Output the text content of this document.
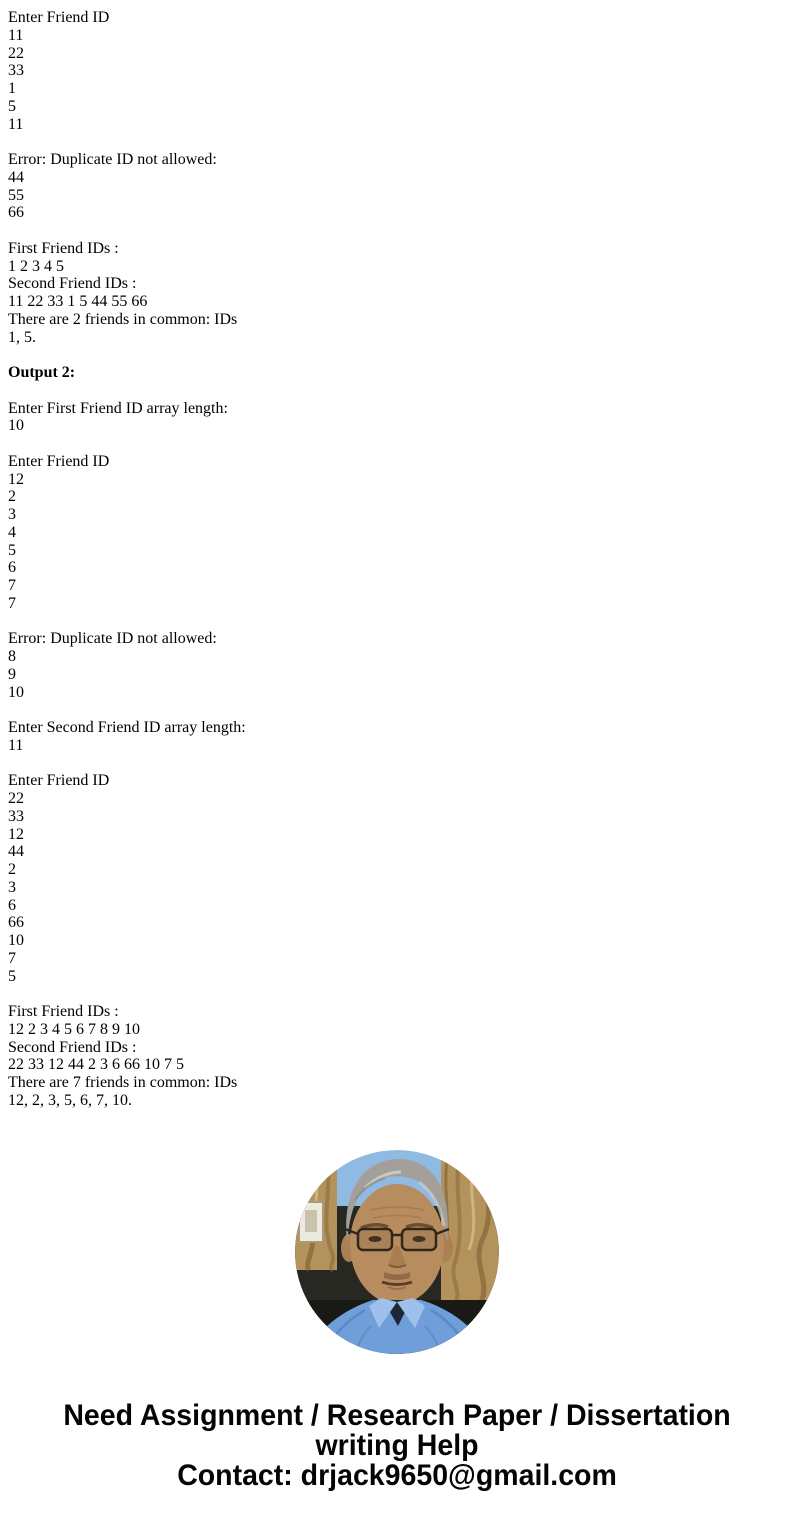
Enter Friend ID
11
22
33
1
5
11

Error: Duplicate ID not allowed:
44
55
66

First Friend IDs :
1 2 3 4 5
Second Friend IDs :
11 22 33 1 5 44 55 66
There are 2 friends in common: IDs
1, 5.

Output 2:

Enter First Friend ID array length:
10

Enter Friend ID
12
2
3
4
5
6
7
7

Error: Duplicate ID not allowed:
8
9
10

Enter Second Friend ID array length:
11

Enter Friend ID
22
33
12
44
2
3
6
66
10
7
5

First Friend IDs :
12 2 3 4 5 6 7 8 9 10
Second Friend IDs :
22 33 12 44 2 3 6 66 10 7 5
There are 7 friends in common: IDs
12, 2, 3, 5, 6, 7, 10.
Need Assignment / Research Paper / Dissertation
writing Help
Contact: drjack9650@gmail.com
